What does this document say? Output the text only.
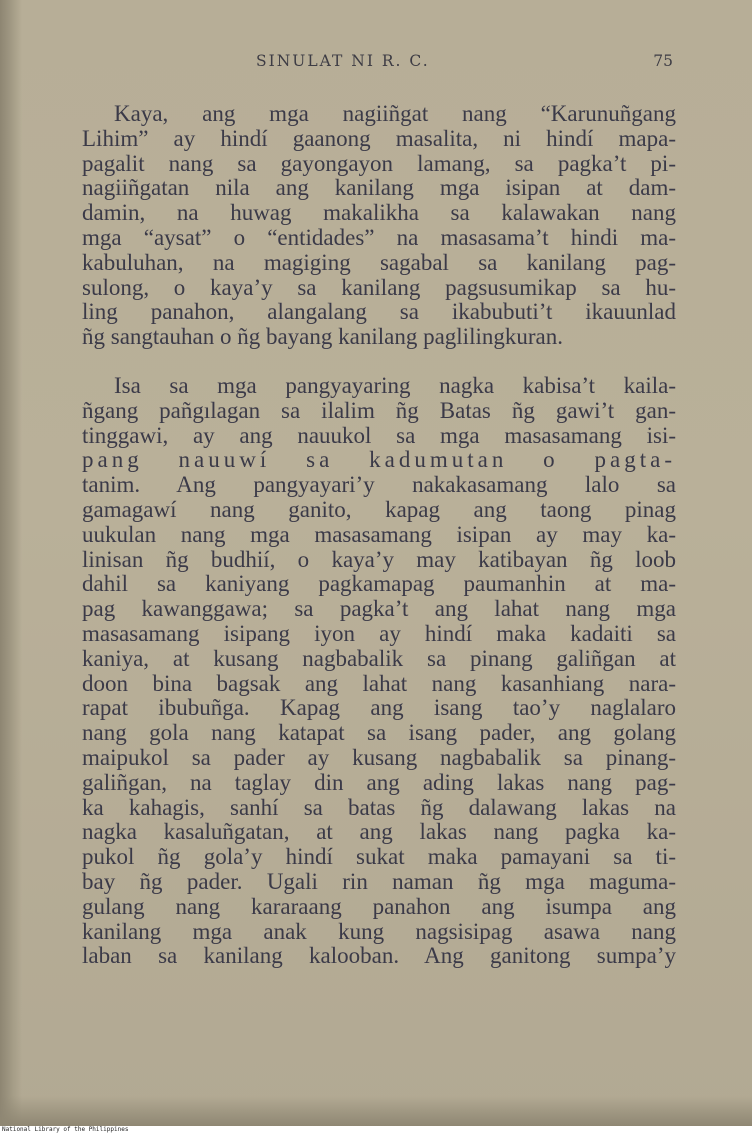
SINULAT NI R. C.	75
Kaya, ang mga nagiiñgat nang “Karunuñgang
Lihim” ay hindí gaanong masalita, ni hindí mapa-
pagalit nang sa gayongayon lamang, sa pagka’t pi-
nagiiñgatan nila ang kanilang mga isipan at dam-
damin, na huwag makalikha sa kalawakan nang
mga “aysat” o “entidades” na masasama’t hindi ma-
kabuluhan, na magiging sagabal sa kanilang pag-
sulong, o kaya’y sa kanilang pagsusumikap sa hu-
ling panahon, alangalang sa ikabubuti’t ikauunlad
ñg sangtauhan o ñg bayang kanilang paglilingkuran.
Isa sa mga pangyayaring nagka kabisa’t kaila-
ñgang pañgılagan sa ilalim ñg Batas ñg gawi’t gan-
tinggawi, ay ang nauukol sa mga masasamang isi-
pang nauuwí sa kadumutan o pagta-
tanim. Ang pangyayari’y nakakasamang lalo sa
gamagawí nang ganito, kapag ang taong pinag
uukulan nang mga masasamang isipan ay may ka-
linisan ñg budhií, o kaya’y may katibayan ñg loob
dahil sa kaniyang pagkamapag paumanhin at ma-
pag kawanggawa; sa pagka’t ang lahat nang mga
masasamang isipang iyon ay hindí maka kadaiti sa
kaniya, at kusang nagbabalik sa pinang galiñgan at
doon bina bagsak ang lahat nang kasanhiang nara-
rapat ibubuñga. Kapag ang isang tao’y naglalaro
nang gola nang katapat sa isang pader, ang golang
maipukol sa pader ay kusang nagbabalik sa pinang-
galiñgan, na taglay din ang ading lakas nang pag-
ka kahagis, sanhí sa batas ñg dalawang lakas na
nagka kasaluñgatan, at ang lakas nang pagka ka-
pukol ñg gola’y hindí sukat maka pamayani sa ti-
bay ñg pader. Ugali rin naman ñg mga maguma-
gulang nang kararaang panahon ang isumpa ang
kanilang mga anak kung nagsisipag asawa nang
laban sa kanilang kalooban. Ang ganitong sumpa’y
National Library of the Philippines
